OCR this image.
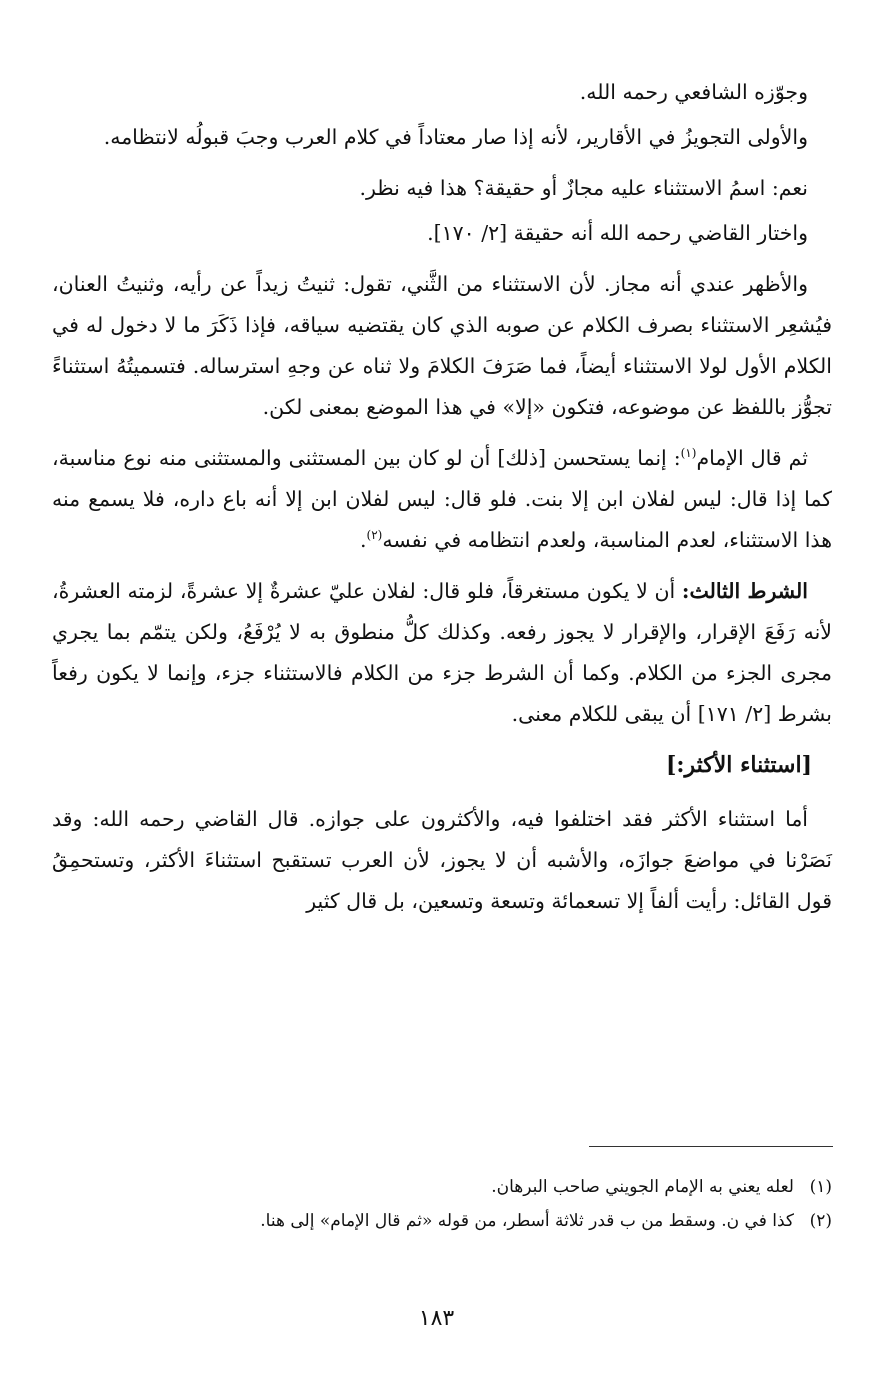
وجوّزه الشافعي رحمه الله.

والأولى التجويزُ في الأقارير، لأنه إذا صار معتاداً في كلام العرب وجبَ قبولُه لانتظامه.

نعم: اسمُ الاستثناء عليه مجازٌ أو حقيقة؟ هذا فيه نظر.

واختار القاضي رحمه الله أنه حقيقة [٢/ ١٧٠].

والأظهر عندي أنه مجاز. لأن الاستثناء من الثَّني، تقول: ثنيتُ زيداً عن رأيه، وثنيتُ العنان، فيُشعِر الاستثناء بصرف الكلام عن صوبه الذي كان يقتضيه سياقه، فإذا ذَكَرَ ما لا دخول له في الكلام الأول لولا الاستثناء أيضاً، فما صَرَفَ الكلامَ ولا ثناه عن وجهِ استرساله. فتسميتُهُ استثناءً تجوُّز باللفظ عن موضوعه، فتكون «إلا» في هذا الموضع بمعنى لكن.

ثم قال الإمام$^{(١)}$: إنما يستحسن [ذلك] أن لو كان بين المستثنى والمستثنى منه نوع مناسبة، كما إذا قال: ليس لفلان ابن إلا بنت. فلو قال: ليس لفلان ابن إلا أنه باع داره، فلا يسمع منه هذا الاستثناء، لعدم المناسبة، ولعدم انتظامه في نفسه$^{(٢)}$.

الشرط الثالث: أن لا يكون مستغرقاً، فلو قال: لفلان عليّ عشرةٌ إلا عشرةً، لزمته العشرةُ، لأنه رَفَعَ الإقرار، والإقرار لا يجوز رفعه. وكذلك كلُّ منطوق به لا يُرْفَعُ، ولكن يتمّم بما يجري مجرى الجزء من الكلام. وكما أن الشرط جزء من الكلام فالاستثناء جزء، وإنما لا يكون رفعاً بشرط [٢/ ١٧١] أن يبقى للكلام معنى.

[استثناء الأكثر:]

أما استثناء الأكثر فقد اختلفوا فيه، والأكثرون على جوازه. قال القاضي رحمه الله: وقد نَصَرْنا في مواضعَ جوازَه، والأشبه أن لا يجوز، لأن العرب تستقبح استثناءَ الأكثر، وتستحمِقُ قول القائل: رأيت ألفاً إلا تسعمائة وتسعة وتسعين، بل قال كثير

(١)لعله يعني به الإمام الجويني صاحب البرهان.

(٢)كذا في ن. وسقط من ب قدر ثلاثة أسطر، من قوله «ثم قال الإمام» إلى هنا.

١٨٣
